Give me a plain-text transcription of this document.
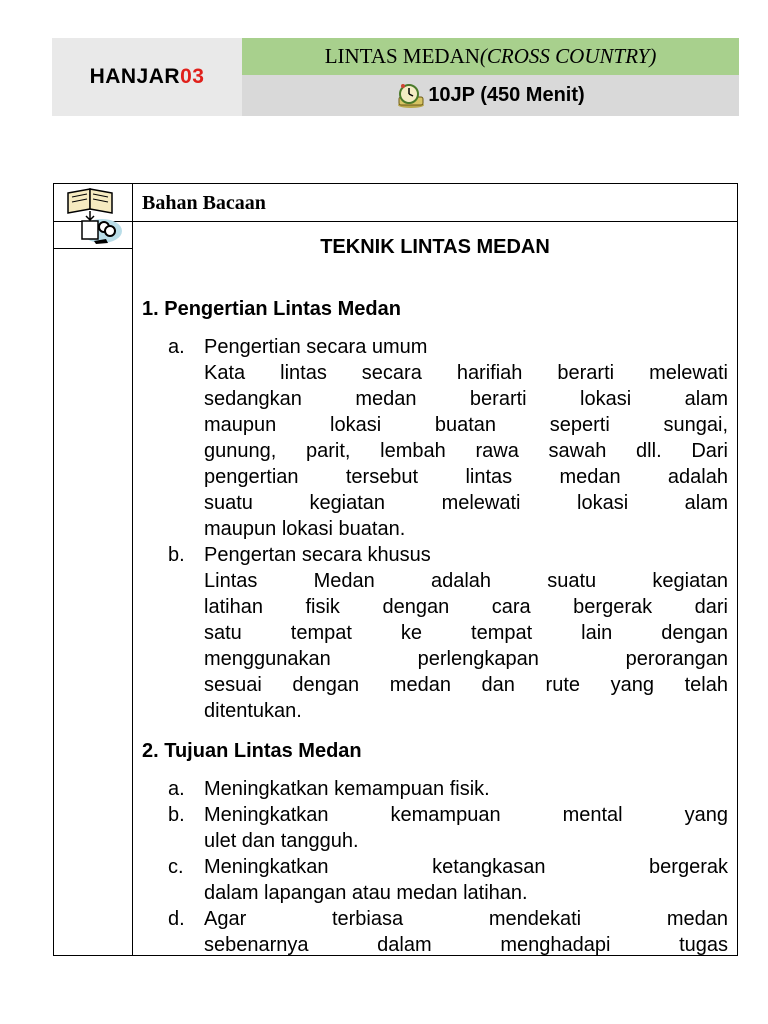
HANJAR 03
LINTAS MEDAN (CROSS COUNTRY)
10JP (450 Menit)
Bahan Bacaan

TEKNIK LINTAS MEDAN

1. Pengertian Lintas Medan

a. Pengertian secara umum
Kata lintas secara harifiah berarti melewati
sedangkan medan berarti lokasi alam
maupun lokasi buatan seperti sungai,
gunung, parit, lembah rawa sawah dll. Dari
pengertian tersebut lintas medan adalah
suatu kegiatan melewati lokasi alam
maupun lokasi buatan.
b. Pengertan secara khusus
Lintas Medan adalah suatu kegiatan
latihan fisik dengan cara bergerak dari
satu tempat ke tempat lain dengan
menggunakan perlengkapan perorangan
sesuai dengan medan dan rute yang telah
ditentukan.

2. Tujuan Lintas Medan

a. Meningkatkan kemampuan fisik.
b. Meningkatkan kemampuan mental yang
ulet dan tangguh.
c. Meningkatkan ketangkasan bergerak
dalam lapangan atau medan latihan.
d. Agar terbiasa mendekati medan
sebenarnya dalam menghadapi tugas
